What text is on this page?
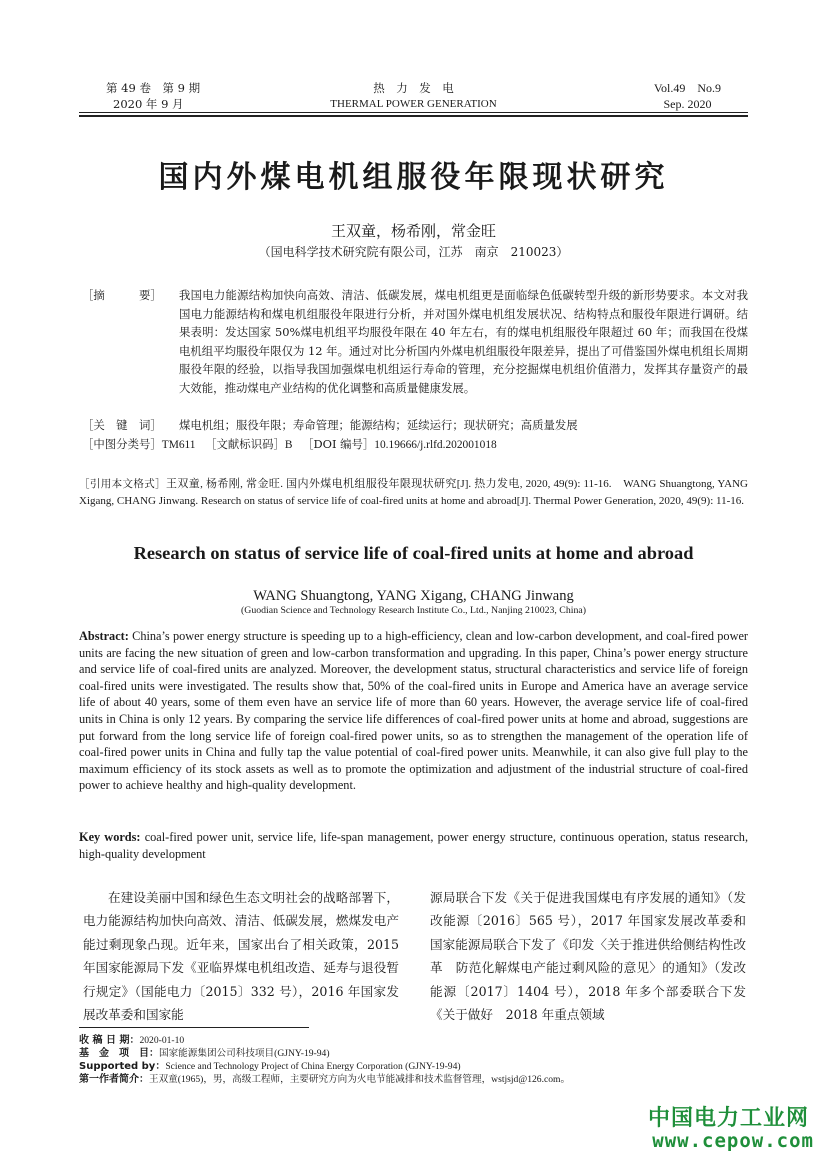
第 49 卷　第 9 期
2020 年 9 月
热　力　发　电
THERMAL POWER GENERATION
Vol.49　No.9
Sep. 2020
国内外煤电机组服役年限现状研究
王双童，杨希刚，常金旺
（国电科学技术研究院有限公司，江苏　南京　210023）
［摘　　　要］ 我国电力能源结构加快向高效、清洁、低碳发展，煤电机组更是面临绿色低碳转型升级的新形势要求。本文对我国电力能源结构和煤电机组服役年限进行分析，并对国外煤电机组发展状况、结构特点和服役年限进行调研。结果表明：发达国家 50%煤电机组平均服役年限在 40 年左右，有的煤电机组服役年限超过 60 年；而我国在役煤电机组平均服役年限仅为 12 年。通过对比分析国内外煤电机组服役年限差异，提出了可借鉴国外煤电机组长周期服役年限的经验，以指导我国加强煤电机组运行寿命的管理，充分挖掘煤电机组价值潜力，发挥其存量资产的最大效能，推动煤电产业结构的优化调整和高质量健康发展。
［关　键　词］ 煤电机组；服役年限；寿命管理；能源结构；延续运行；现状研究；高质量发展
［中图分类号］TM611 ［文献标识码］B ［DOI 编号］10.19666/j.rlfd.202001018
［引用本文格式］王双童, 杨希刚, 常金旺. 国内外煤电机组服役年限现状研究[J]. 热力发电, 2020, 49(9): 11-16.　WANG Shuangtong, YANG Xigang, CHANG Jinwang. Research on status of service life of coal-fired units at home and abroad[J]. Thermal Power Generation, 2020, 49(9): 11-16.
Research on status of service life of coal-fired units at home and abroad
WANG Shuangtong, YANG Xigang, CHANG Jinwang
(Guodian Science and Technology Research Institute Co., Ltd., Nanjing 210023, China)
Abstract: China’s power energy structure is speeding up to a high-efficiency, clean and low-carbon development, and coal-fired power units are facing the new situation of green and low-carbon transformation and upgrading. In this paper, China’s power energy structure and service life of coal-fired units are analyzed. Moreover, the development status, structural characteristics and service life of foreign coal-fired units were investigated. The results show that, 50% of the coal-fired units in Europe and America have an average service life of about 40 years, some of them even have an service life of more than 60 years. However, the average service life of coal-fired units in China is only 12 years. By comparing the service life differences of coal-fired power units at home and abroad, suggestions are put forward from the long service life of foreign coal-fired power units, so as to strengthen the management of the operation life of coal-fired power units in China and fully tap the value potential of coal-fired power units. Meanwhile, it can also give full play to the maximum efficiency of its stock assets as well as to promote the optimization and adjustment of the industrial structure of coal-fired power to achieve healthy and high-quality development.
Key words: coal-fired power unit, service life, life-span management, power energy structure, continuous operation, status research, high-quality development
在建设美丽中国和绿色生态文明社会的战略部署下，电力能源结构加快向高效、清洁、低碳发展，燃煤发电产能过剩现象凸现。近年来，国家出台了相关政策，2015 年国家能源局下发《亚临界煤电机组改造、延寿与退役暂行规定》（国能电力〔2015〕332 号），2016 年国家发展改革委和国家能
源局联合下发《关于促进我国煤电有序发展的通知》（发改能源〔2016〕565 号），2017 年国家发展改革委和国家能源局联合下发了《印发〈关于推进供给侧结构性改革　防范化解煤电产能过剩风险的意见〉的通知》（发改能源〔2017〕1404 号），2018 年多个部委联合下发《关于做好　2018 年重点领域
收 稿 日 期：2020-01-10
基　金　项　目：国家能源集团公司科技项目(GJNY-19-94)
Supported by：Science and Technology Project of China Energy Corporation (GJNY-19-94)
第一作者简介：王双童(1965)，男，高级工程师，主要研究方向为火电节能减排和技术监督管理，wstjsjd@126.com。
中国电力工业网
www.cepow.com
